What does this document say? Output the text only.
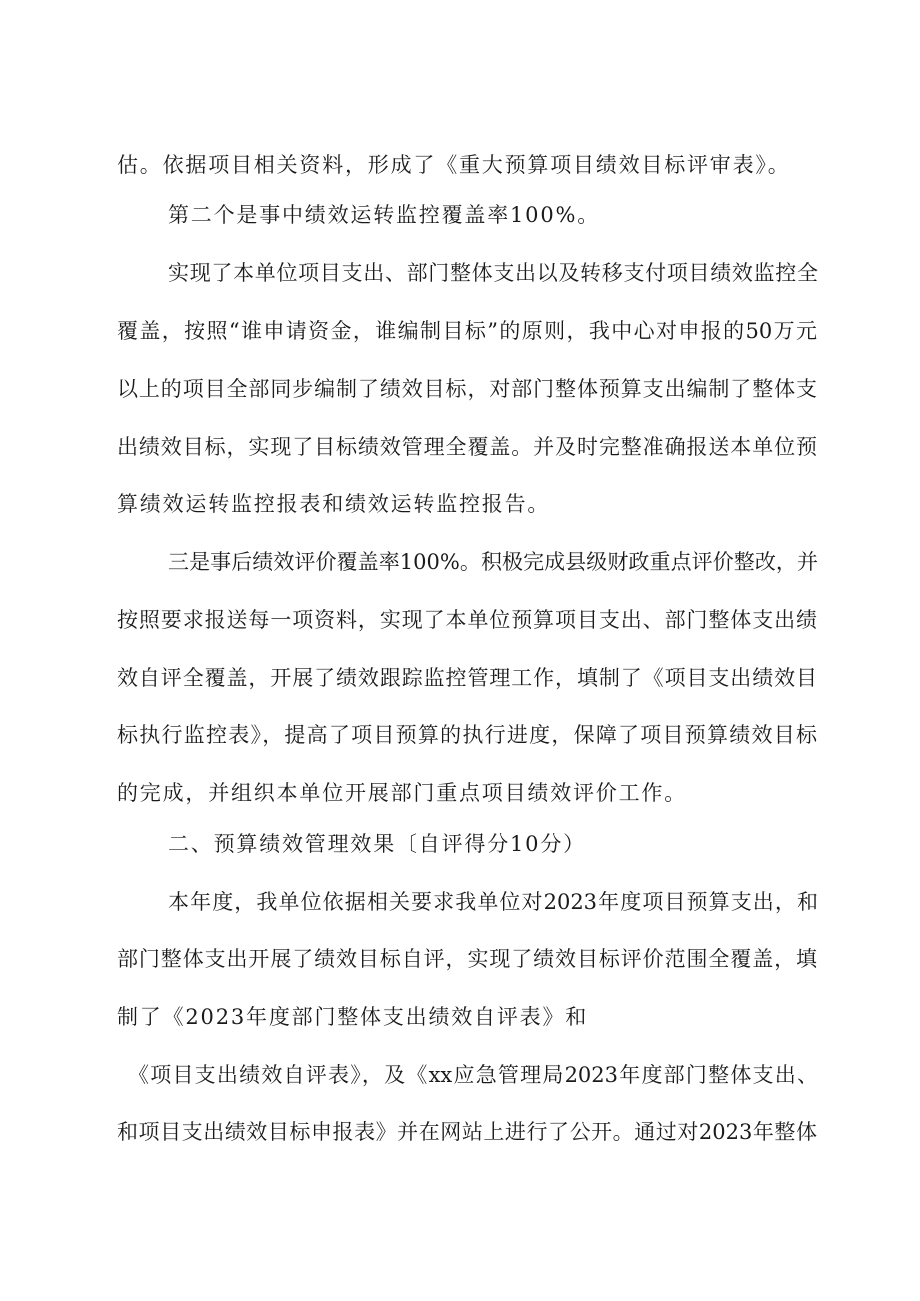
估。依据项目相关资料，形成了《重大预算项目绩效目标评审表》。
第二个是事中绩效运转监控覆盖率100%。
实现了本单位项目支出、部门整体支出以及转移支付项目绩效监控全
覆盖，按照“谁申请资金，谁编制目标”的原则，我中心对申报的50万元
以上的项目全部同步编制了绩效目标，对部门整体预算支出编制了整体支
出绩效目标，实现了目标绩效管理全覆盖。并及时完整准确报送本单位预
算绩效运转监控报表和绩效运转监控报告。
三是事后绩效评价覆盖率100%。积极完成县级财政重点评价整改，并
按照要求报送每一项资料，实现了本单位预算项目支出、部门整体支出绩
效自评全覆盖，开展了绩效跟踪监控管理工作，填制了《项目支出绩效目
标执行监控表》，提高了项目预算的执行进度，保障了项目预算绩效目标
的完成，并组织本单位开展部门重点项目绩效评价工作。
二、预算绩效管理效果〔自评得分10分）
本年度，我单位依据相关要求我单位对2023年度项目预算支出，和
部门整体支出开展了绩效目标自评，实现了绩效目标评价范围全覆盖，填
制了《2023年度部门整体支出绩效自评表》和
《项目支出绩效自评表》，及《xx应急管理局2023年度部门整体支出、
和项目支出绩效目标申报表》并在网站上进行了公开。通过对2023年整体
